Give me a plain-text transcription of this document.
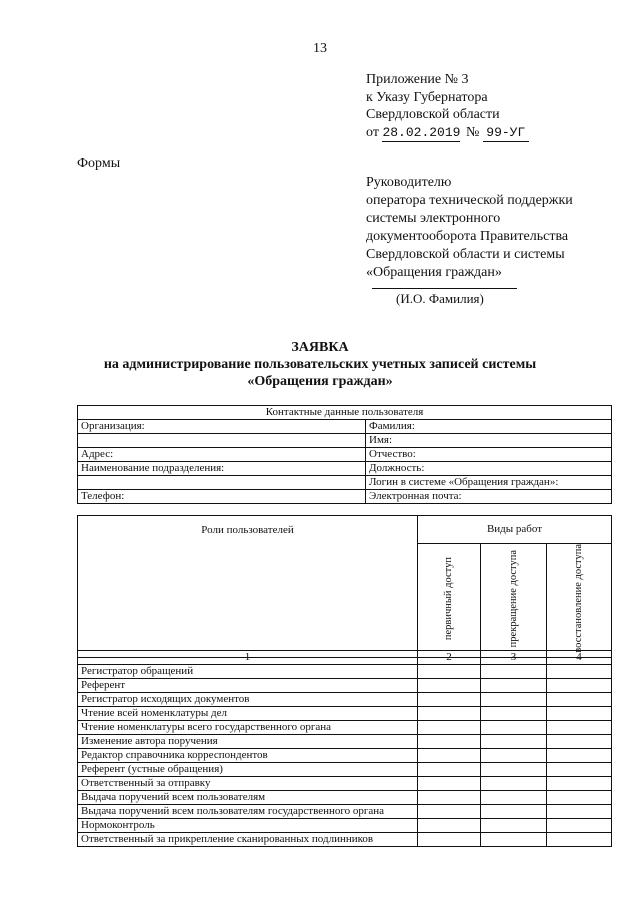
13
Приложение № 3
к Указу Губернатора
Свердловской области
от 28.02.2019 № 99-УГ
Формы
Руководителю
оператора технической поддержки
системы электронного
документооборота Правительства
Свердловской области и системы
«Обращения граждан»
(И.О. Фамилия)
ЗАЯВКА
на администрирование пользовательских учетных записей системы
«Обращения граждан»
Контактные данные пользователя	
Организация:	Фамилия:
	Имя:
Адрес:	Отчество:
Наименование подразделения:	Должность:
	Логин в системе «Обращения граждан»:
Телефон:	Электронная почта:
Роли пользователей	Виды работ		
	первичный доступ	прекращение доступа	восстановление доступа
1	2	3	4
Регистратор обращений			
Референт			
Регистратор исходящих документов			
Чтение всей номенклатуры дел			
Чтение номенклатуры всего государственного органа			
Изменение автора поручения			
Редактор справочника корреспондентов			
Референт (устные обращения)			
Ответственный за отправку			
Выдача поручений всем пользователям			
Выдача поручений всем пользователям государственного органа			
Нормоконтроль			
Ответственный за прикрепление сканированных подлинников			
